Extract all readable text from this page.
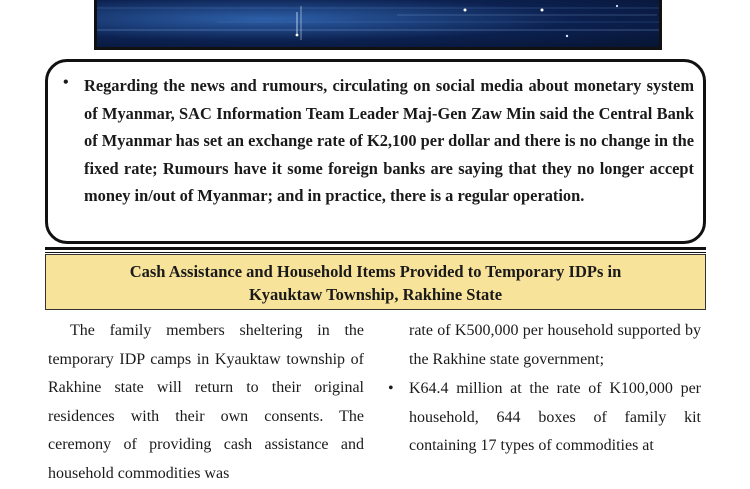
• Regarding the news and rumours, circulating on social media about monetary system of Myanmar, SAC Information Team Leader Maj-Gen Zaw Min said the Central Bank of Myanmar has set an exchange rate of K2,100 per dollar and there is no change in the fixed rate; Rumours have it some foreign banks are saying that they no longer accept money in/out of Myanmar; and in practice, there is a regular operation.

Cash Assistance and Household Items Provided to Temporary IDPs in
Kyauktaw Township, Rakhine State

The family members sheltering in the temporary IDP camps in Kyauktaw township of Rakhine state will return to their original residences with their own consents. The ceremony of providing cash assistance and household commodities was

rate of K500,000 per household supported by the Rakhine state government;

• K64.4 million at the rate of K100,000 per household, 644 boxes of family kit containing 17 types of commodities at
